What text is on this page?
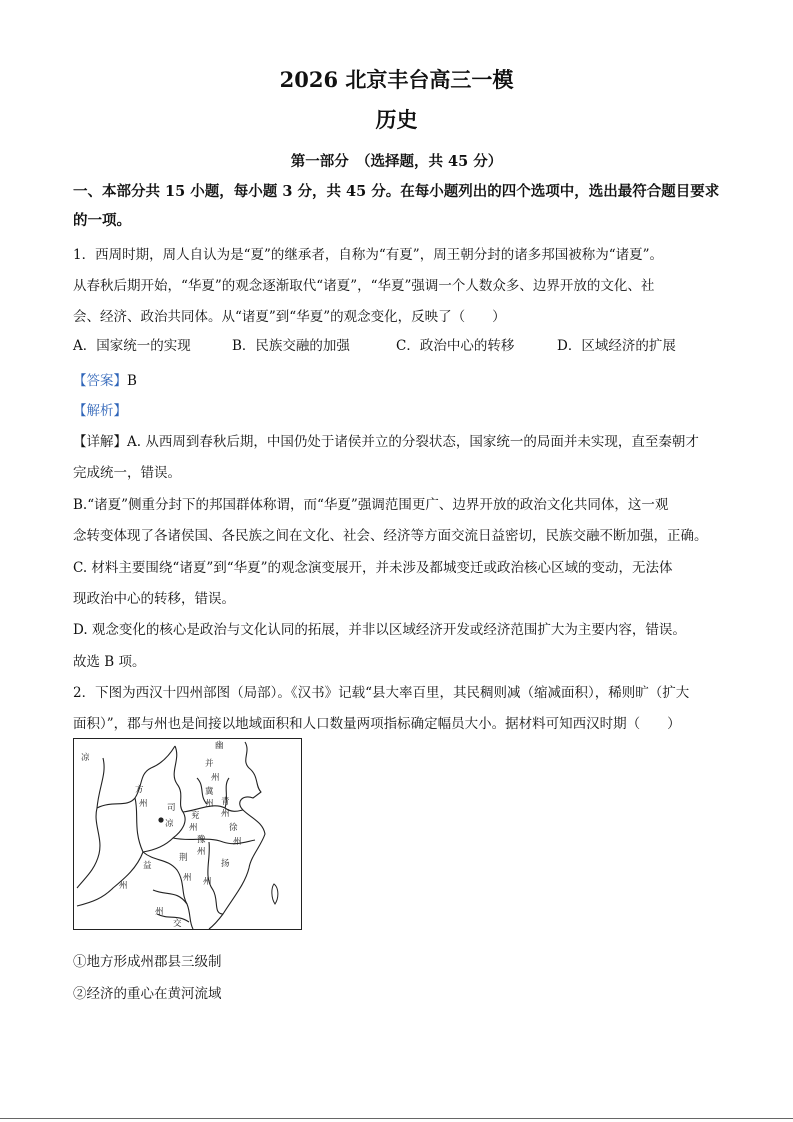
2026 北京丰台高三一模
历史
第一部分　（选择题，共 45 分）
一、本部分共 15 小题，每小题 3 分，共 45 分。在每小题列出的四个选项中，选出最符合题目要求的一项。
1．西周时期，周人自认为是“夏”的继承者，自称为“有夏”，周王朝分封的诸多邦国被称为“诸夏”。
从春秋后期开始，“华夏”的观念逐渐取代“诸夏”，“华夏”强调一个人数众多、边界开放的文化、社
会、经济、政治共同体。从“诸夏”到“华夏”的观念变化，反映了（　　）
A．国家统一的实现	B．民族交融的加强	C．政治中心的转移	D．区域经济的扩展
【答案】B
【解析】
【详解】A. 从西周到春秋后期，中国仍处于诸侯并立的分裂状态，国家统一的局面并未实现，直至秦朝才
完成统一，错误。
B.“诸夏”侧重分封下的邦国群体称谓，而“华夏”强调范围更广、边界开放的政治文化共同体，这一观
念转变体现了各诸侯国、各民族之间在文化、社会、经济等方面交流日益密切，民族交融不断加强，正确。
C. 材料主要围绕“诸夏”到“华夏”的观念演变展开，并未涉及都城变迁或政治核心区域的变动，无法体
现政治中心的转移，错误。
D. 观念变化的核心是政治与文化认同的拓展，并非以区域经济开发或经济范围扩大为主要内容，错误。
故选 B 项。
2．下图为西汉十四州部图（局部）。《汉书》记载“县大率百里，其民稠则减（缩减面积），稀则旷（扩大
面积）”，郡与州也是间接以地域面积和人口数量两项指标确定幅员大小。据材料可知西汉时期（　　）
凉
幽
并
方
州
州
冀
州
兖
青
州
州
徐
州
司
凉
豫
州
荆
扬
益
州
州	州
州
交
①地方形成州郡县三级制
②经济的重心在黄河流域
